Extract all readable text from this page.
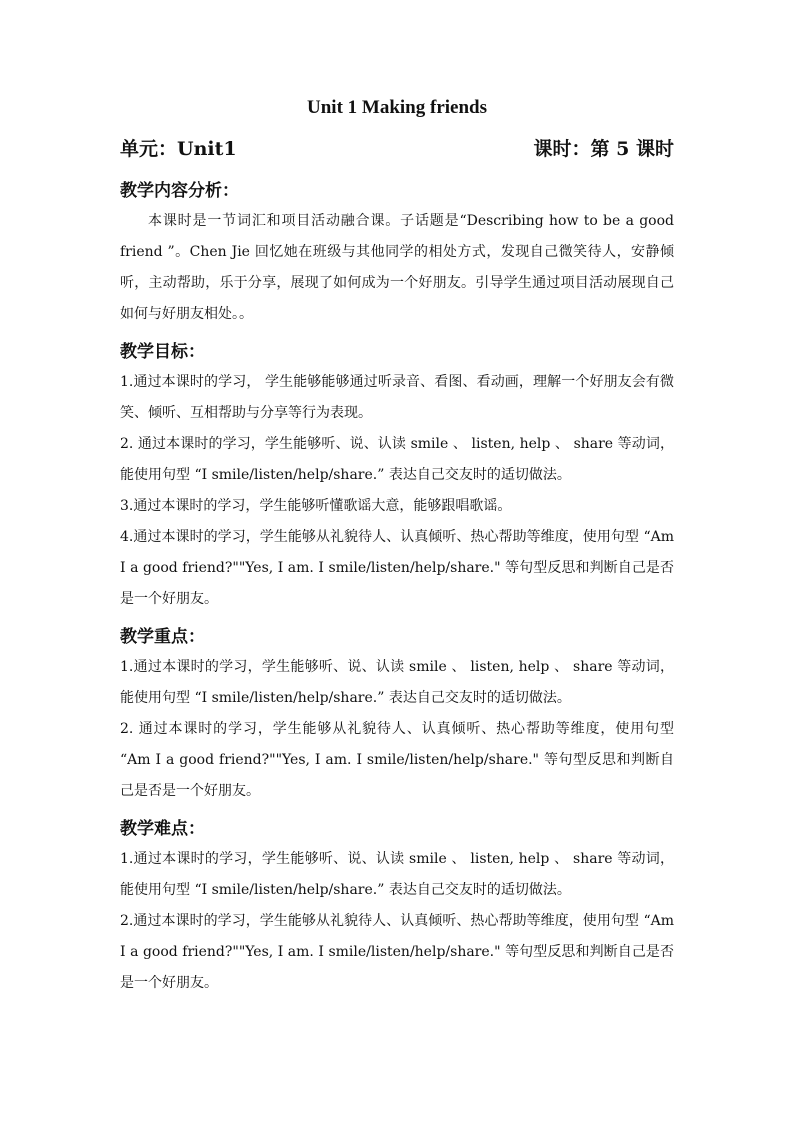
Unit 1 Making friends
单元：Unit1	课时：第 5 课时
教学内容分析：
本课时是一节词汇和项目活动融合课。子话题是“Describing how to be a good friend ”。Chen Jie 回忆她在班级与其他同学的相处方式，发现自己微笑待人，安静倾听，主动帮助，乐于分享，展现了如何成为一个好朋友。引导学生通过项目活动展现自己如何与好朋友相处。。
教学目标：
1.通过本课时的学习， 学生能够能够通过听录音、看图、看动画，理解一个好朋友会有微笑、倾听、互相帮助与分享等行为表现。
2. 通过本课时的学习，学生能够听、说、认读 smile 、 listen, help 、 share 等动词，能使用句型 “I smile/listen/help/share.” 表达自己交友时的适切做法。
3.通过本课时的学习，学生能够听懂歌谣大意，能够跟唱歌谣。
4.通过本课时的学习，学生能够从礼貌待人、认真倾听、热心帮助等维度，使用句型 “Am I a good friend?""Yes, I am. I smile/listen/help/share." 等句型反思和判断自己是否是一个好朋友。
教学重点：
1.通过本课时的学习，学生能够听、说、认读 smile 、 listen, help 、 share 等动词，能使用句型 “I smile/listen/help/share.” 表达自己交友时的适切做法。
2. 通过本课时的学习，学生能够从礼貌待人、认真倾听、热心帮助等维度，使用句型 “Am I a good friend?""Yes, I am. I smile/listen/help/share." 等句型反思和判断自己是否是一个好朋友。
教学难点：
1.通过本课时的学习，学生能够听、说、认读 smile 、 listen, help 、 share 等动词，能使用句型 “I smile/listen/help/share.” 表达自己交友时的适切做法。
2.通过本课时的学习，学生能够从礼貌待人、认真倾听、热心帮助等维度，使用句型 “Am I a good friend?""Yes, I am. I smile/listen/help/share." 等句型反思和判断自己是否是一个好朋友。
